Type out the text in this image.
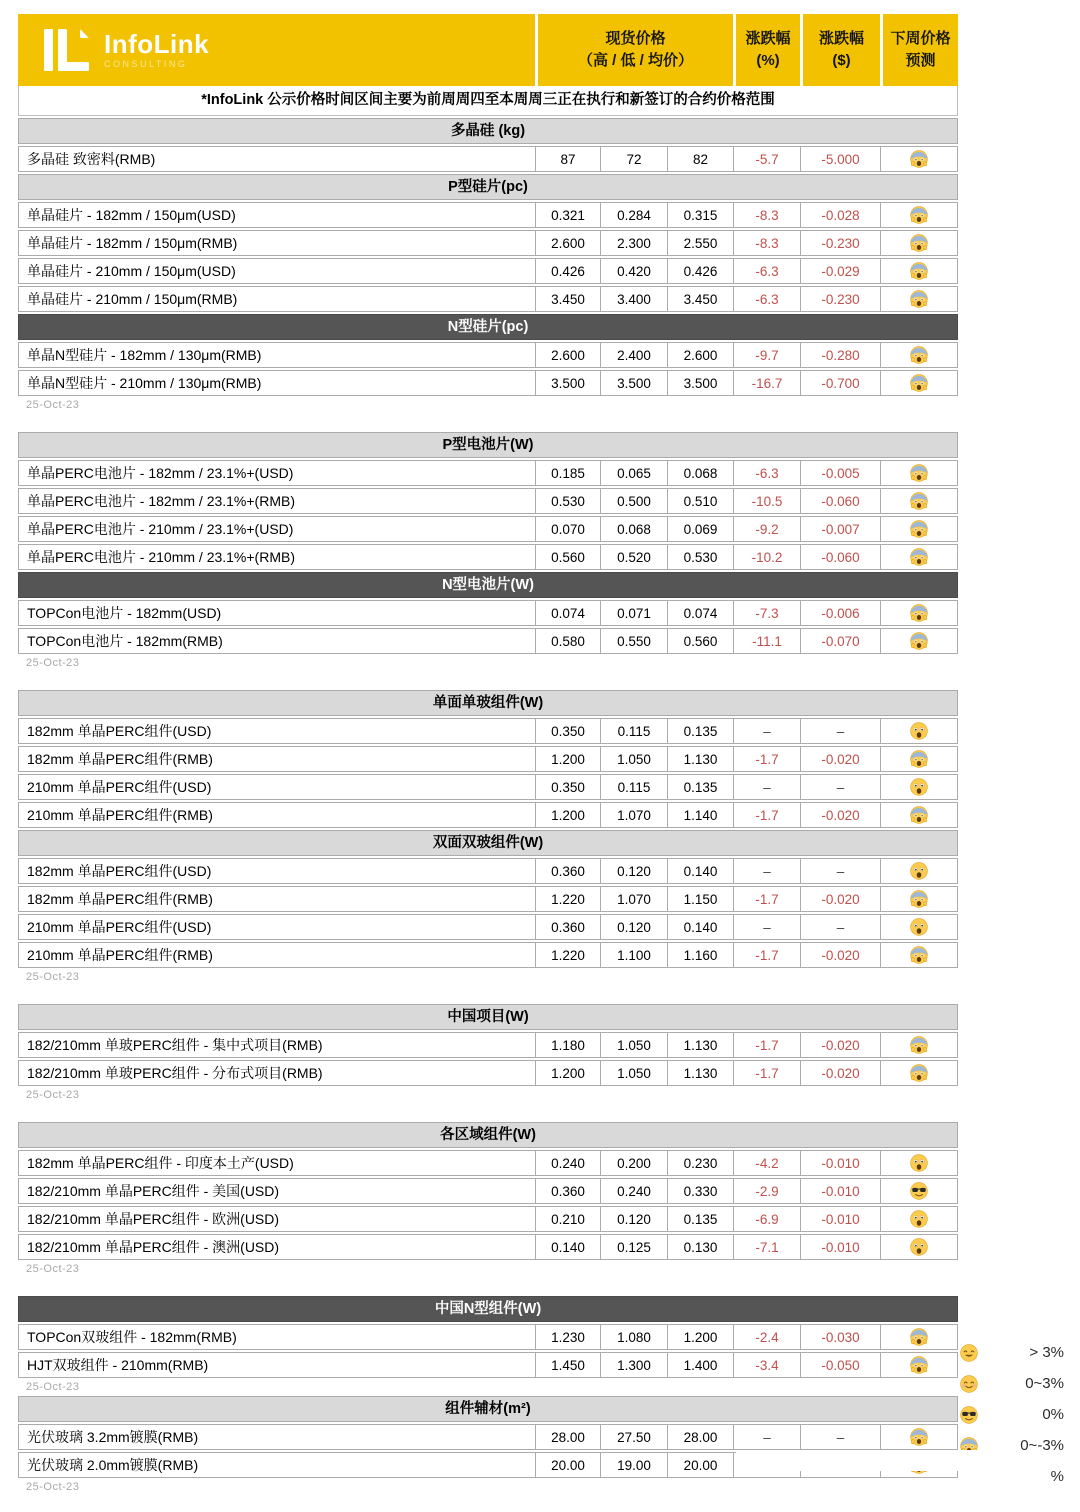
InfoLink
CONSULTING
现货价格
（高 / 低 / 均价）
涨跌幅
(%)
涨跌幅
($)
下周价格
预测
*InfoLink 公示价格时间区间主要为前周周四至本周周三正在执行和新签订的合约价格范围
多晶硅 (kg)
多晶硅 致密料(RMB)	87	72	82	-5.7	-5.000
P型硅片(pc)
单晶硅片 - 182mm / 150μm(USD)	0.321	0.284	0.315	-8.3	-0.028
单晶硅片 - 182mm / 150μm(RMB)	2.600	2.300	2.550	-8.3	-0.230
单晶硅片 - 210mm / 150μm(USD)	0.426	0.420	0.426	-6.3	-0.029
单晶硅片 - 210mm / 150μm(RMB)	3.450	3.400	3.450	-6.3	-0.230
N型硅片(pc)
单晶N型硅片 - 182mm / 130μm(RMB)	2.600	2.400	2.600	-9.7	-0.280
单晶N型硅片 - 210mm / 130μm(RMB)	3.500	3.500	3.500	-16.7	-0.700
25-Oct-23
P型电池片(W)
单晶PERC电池片 - 182mm / 23.1%+(USD)	0.185	0.065	0.068	-6.3	-0.005
单晶PERC电池片 - 182mm / 23.1%+(RMB)	0.530	0.500	0.510	-10.5	-0.060
单晶PERC电池片 - 210mm / 23.1%+(USD)	0.070	0.068	0.069	-9.2	-0.007
单晶PERC电池片 - 210mm / 23.1%+(RMB)	0.560	0.520	0.530	-10.2	-0.060
N型电池片(W)
TOPCon电池片 - 182mm(USD)	0.074	0.071	0.074	-7.3	-0.006
TOPCon电池片 - 182mm(RMB)	0.580	0.550	0.560	-11.1	-0.070
25-Oct-23
单面单玻组件(W)
182mm 单晶PERC组件(USD)	0.350	0.115	0.135	–	–
182mm 单晶PERC组件(RMB)	1.200	1.050	1.130	-1.7	-0.020
210mm 单晶PERC组件(USD)	0.350	0.115	0.135	–	–
210mm 单晶PERC组件(RMB)	1.200	1.070	1.140	-1.7	-0.020
双面双玻组件(W)
182mm 单晶PERC组件(USD)	0.360	0.120	0.140	–	–
182mm 单晶PERC组件(RMB)	1.220	1.070	1.150	-1.7	-0.020
210mm 单晶PERC组件(USD)	0.360	0.120	0.140	–	–
210mm 单晶PERC组件(RMB)	1.220	1.100	1.160	-1.7	-0.020
25-Oct-23
中国项目(W)
182/210mm 单玻PERC组件 - 集中式项目(RMB)	1.180	1.050	1.130	-1.7	-0.020
182/210mm 单玻PERC组件 - 分布式项目(RMB)	1.200	1.050	1.130	-1.7	-0.020
25-Oct-23
各区域组件(W)
182mm 单晶PERC组件 - 印度本土产(USD)	0.240	0.200	0.230	-4.2	-0.010
182/210mm 单晶PERC组件 - 美国(USD)	0.360	0.240	0.330	-2.9	-0.010
182/210mm 单晶PERC组件 - 欧洲(USD)	0.210	0.120	0.135	-6.9	-0.010
182/210mm 单晶PERC组件 - 澳洲(USD)	0.140	0.125	0.130	-7.1	-0.010
25-Oct-23
中国N型组件(W)
TOPCon双玻组件 - 182mm(RMB)	1.230	1.080	1.200	-2.4	-0.030
HJT双玻组件 - 210mm(RMB)	1.450	1.300	1.400	-3.4	-0.050
25-Oct-23
组件辅材(m²)
光伏玻璃 3.2mm镀膜(RMB)	28.00	27.50	28.00	–	–
光伏玻璃 2.0mm镀膜(RMB)	20.00	19.00	20.00
25-Oct-23
> 3%
0~3%
0%
0~-3%
%
